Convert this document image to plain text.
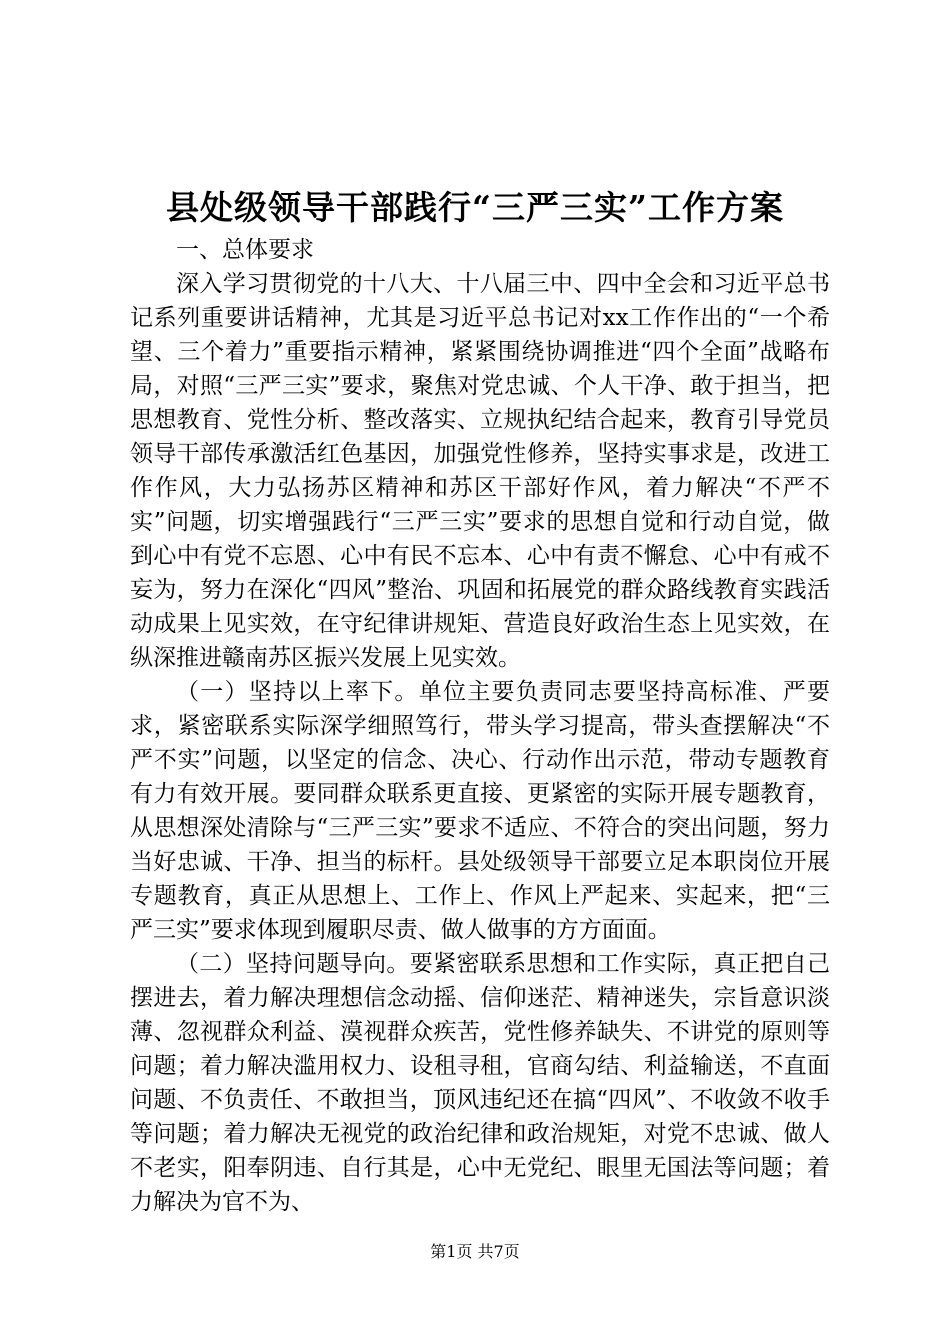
县处级领导干部践行“三严三实”工作方案

一、总体要求

深入学习贯彻党的十八大、十八届三中、四中全会和习近平总书记系列重要讲话精神，尤其是习近平总书记对xx工作作出的“一个希望、三个着力”重要指示精神，紧紧围绕协调推进“四个全面”战略布局，对照“三严三实”要求，聚焦对党忠诚、个人干净、敢于担当，把思想教育、党性分析、整改落实、立规执纪结合起来，教育引导党员领导干部传承激活红色基因，加强党性修养，坚持实事求是，改进工作作风，大力弘扬苏区精神和苏区干部好作风，着力解决“不严不实”问题，切实增强践行“三严三实”要求的思想自觉和行动自觉，做到心中有党不忘恩、心中有民不忘本、心中有责不懈怠、心中有戒不妄为，努力在深化“四风”整治、巩固和拓展党的群众路线教育实践活动成果上见实效，在守纪律讲规矩、营造良好政治生态上见实效，在纵深推进赣南苏区振兴发展上见实效。

（一）坚持以上率下。单位主要负责同志要坚持高标准、严要求，紧密联系实际深学细照笃行，带头学习提高，带头查摆解决“不严不实”问题，以坚定的信念、决心、行动作出示范，带动专题教育有力有效开展。要同群众联系更直接、更紧密的实际开展专题教育，从思想深处清除与“三严三实”要求不适应、不符合的突出问题，努力当好忠诚、干净、担当的标杆。县处级领导干部要立足本职岗位开展专题教育，真正从思想上、工作上、作风上严起来、实起来，把“三严三实”要求体现到履职尽责、做人做事的方方面面。

（二）坚持问题导向。要紧密联系思想和工作实际，真正把自己摆进去，着力解决理想信念动摇、信仰迷茫、精神迷失，宗旨意识淡薄、忽视群众利益、漠视群众疾苦，党性修养缺失、不讲党的原则等问题；着力解决滥用权力、设租寻租，官商勾结、利益输送，不直面问题、不负责任、不敢担当，顶风违纪还在搞“四风”、不收敛不收手等问题；着力解决无视党的政治纪律和政治规矩，对党不忠诚、做人不老实，阳奉阴违、自行其是，心中无党纪、眼里无国法等问题；着力解决为官不为、

第1页 共7页
